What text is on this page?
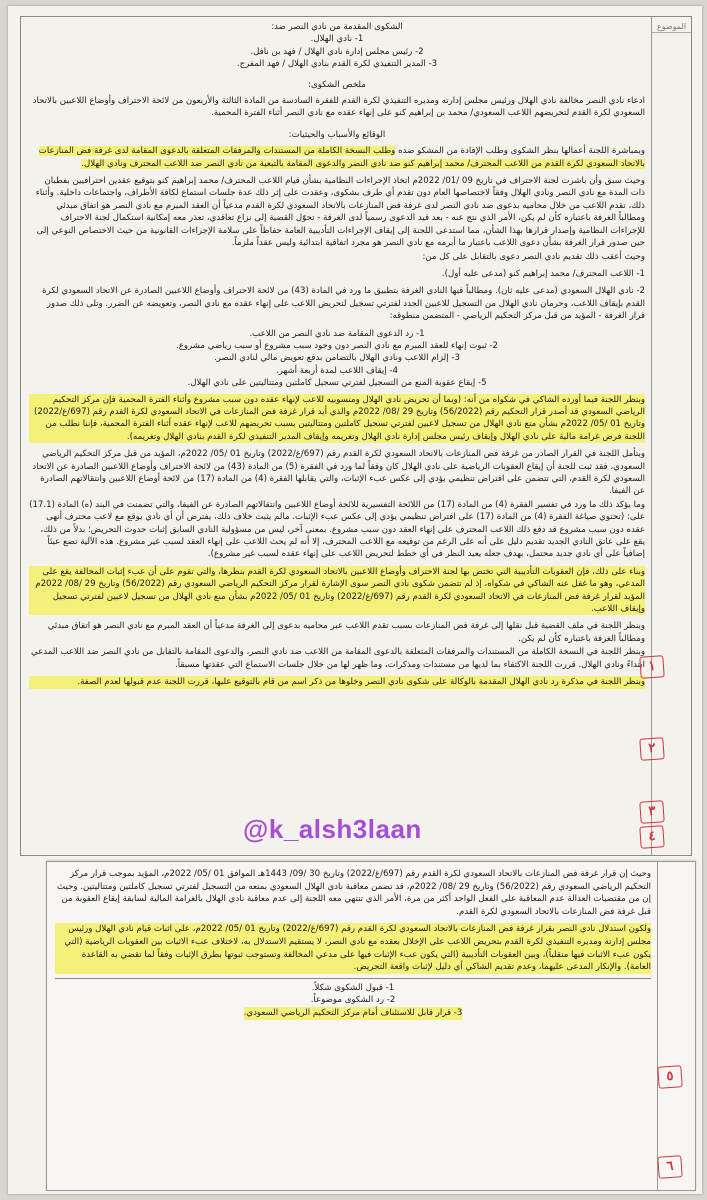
الموضوع
الشكوى المقدمة من نادي النصر ضد:
1- نادي الهلال.
2- رئيس مجلس إدارة نادي الهلال / فهد بن نافل.
3- المدير التنفيذي لكرة القدم بنادي الهلال / فهد المفرج.
ملخص الشكوى:
ادعاء نادي النصر مخالفة نادي الهلال ورئيس مجلس إدارته ومديره التنفيذي لكرة القدم للفقرة السادسة من المادة الثالثة والأربعون من لائحة الاحتراف وأوضاع اللاعبين بالاتحاد السعودي لكرة القدم لتحريضهم اللاعب السعودي/ محمد بن إبراهيم كنو على إنهاء عقده مع نادي النصر أثناء الفترة المحمية.
الوقائع والأسباب والحيثيات:
وبمباشرة اللجنة أعمالها بنظر الشكوى وطلب الإفادة من المشكو ضده وطلب النسخة الكاملة من المستندات والمرفقات المتعلقة بالدعوى المقامة لدى غرفة فض المنازعات بالاتحاد السعودي لكرة القدم من اللاعب المحترف/ محمد إبراهيم كنو ضد نادي النصر والدعوى المقامة بالتبعية من نادي النصر ضد اللاعب المحترف ونادي الهلال.
وحيث سبق وأن باشرت لجنة الاحتراف في تاريخ 09 /01/ 2022م اتخاذ الإجراءات النظامية بشأن قيام اللاعب المحترف/ محمد إبراهيم كنو بتوقيع عقدين احترافيين بفطبان ذات المدة مع نادي النصر ونادي الهلال وفقاً لاختصاصها العام دون تقدم أي طرف بشكوى، وعقدت على إثر ذلك عدة جلسات استماع لكافة الأطراف، واجتماعات داخلية. وأثناء ذلك، تقدم اللاعب من خلال محاميه بدعوى ضد نادي النصر لدى غرفة فض المنازعات بالاتحاد السعودي لكرة القدم مدعياً أن العقد المبرم مع نادي النصر هو اتفاق مبدئي ومطالباً الغرفة باعتباره كأن لم يكن، الأمر الذي نتج عنه - بعد قيد الدعوى رسمياً لدى الغرفة - تحوّل القضية إلى نزاع تعاقدي، تعذر معه إمكانية استكمال لجنة الاحتراف للإجراءات النظامية وإصدار قرارها بهذا الشأن، مما استدعى اللجنة إلى إيقاف الإجراءات التأديبية العامة حفاظاً على سلامة الإجراءات القانونية من حيث الاختصاص النوعي إلى حين صدور قرار الغرفة بشأن دعوى اللاعب باعتبار ما أبرمه مع نادي النصر هو مجرد اتفاقية ابتدائية وليس عقداً ملزماً.
وحيث أعقب ذلك تقديم نادي النصر دعوى بالتقابل على كل من:
1- اللاعب المحترف/ محمد إبراهيم كنو (مدعى عليه أول).
2- نادي الهلال السعودي (مدعى عليه ثان). ومطالباً فيها النادي الغرفة بتطبيق ما ورد في المادة (43) من لائحة الاحتراف وأوضاع اللاعبين الصادرة عن الاتحاد السعودي لكرة القدم بإيقاف اللاعب، وحرمان نادي الهلال من التسجيل للاعبين الجدد لفترتي تسجيل لتحريض اللاعب على إنهاء عقده مع نادي النصر، وتعويضه عن الضرر. وتلى ذلك صدور قرار الغرفة - المؤيد من قبل مركز التحكيم الرياضي - المتضمن منطوقه:
1- رد الدعوى المقامة ضد نادي النصر من اللاعب.
2- ثبوت إنهاء للعقد المبرم مع نادي النصر دون وجود سبب مشروع أو سبب رياضي مشروع.
3- إلزام اللاعب ونادي الهلال بالتضامن بدفع تعويض مالي لنادي النصر.
4- إيقاف اللاعب لمدة أربعة أشهر.
5- إيقاع عقوبة المنع من التسجيل لفترتي تسجيل كاملتين ومتتاليتين على نادي الهلال.
وبنظر اللجنة فيما أورده الشاكي في شكواه من أنه: (وبما أن تحريض نادي الهلال ومنسوبيه للاعب لإنهاء عقده دون سبب مشروع وأثناء الفترة المحمية فإن مركز التحكيم الرياضي السعودي قد أصدر قرار التحكيم رقم (56/2022) وتاريخ 29 /08/ 2022م والذي أيد قرار غرفة فض المنازعات في الاتحاد السعودي لكرة القدم رقم (697/غ/2022) وتاريخ 01 /05/ 2022م بشأن منع نادي الهلال من تسجيل لاعبين لفترتي تسجيل كاملتين ومتتاليتين بسبب تحريضهم للاعب لإنهاء عقده أثناء الفترة المحمية، فإننا نطلب من اللجنة فرض غرامة مالية على نادي الهلال وإيقاف رئيس مجلس إدارة نادي الهلال وتغريمه وإيقاف المدير التنفيذي لكرة القدم بنادي الهلال وتغريمه).
وبتأمل اللجنة في القرار الصادر من غرفة فض المنازعات بالاتحاد السعودي لكرة القدم رقم (697/غ/2022) وتاريخ 01 /05/ 2022م، المؤيد من قبل مركز التحكيم الرياضي السعودي، فقد ثبت للجنة أن إيقاع العقوبات الرياضية على نادي الهلال كان وفقاً لما ورد في الفقرة (5) من المادة (43) من لائحة الاحتراف وأوضاع اللاعبين الصادرة عن الاتحاد السعودي لكرة القدم، التي تتضمن على افتراض تنظيمي يؤدي إلى عكس عبء الإثبات، والتي يقابلها الفقرة (4) من المادة (17) من لائحة أوضاع اللاعبين وانتقالاتهم الصادرة عن الفيفا.
وما يؤكد ذلك ما ورد في تفسير الفقرة (4) من المادة (17) من اللائحة التفسيرية للائحة أوضاع اللاعبين وانتقالاتهم الصادرة عن الفيفا، والتي تضمنت في البند (ه) المادة (17.1) على: (تحتوي صياغة الفقرة (4) من المادة (17) على افتراض تنظيمي يؤدي إلى عكس عبء الإثبات. مالم يثبت خلاف ذلك، يفترض أن أي نادي يوقع مع لاعب محترف أنهى عقده دون سبب مشروع قد دفع ذلك اللاعب المحترف على إنهاء العقد دون سبب مشروع. بمعنى آخر، ليس من مسؤولية النادي السابق إثبات حدوث التحريض؛ بدلاً من ذلك، يقع على عاتق النادي الجديد تقديم دليل على أنه على الرغم من توقيعه مع اللاعب المحترف، إلا أنه لم يحث اللاعب على إنهاء العقد لسبب غير مشروع. هذه الآلية تضع عبئاً إضافياً على أي نادي جديد محتمل، بهدف جعله يعيد النظر في أي خطط لتحريض اللاعب على إنهاء عقده لسبب غير مشروع).
وبناء على ذلك، فإن العقوبات التأديبية التي تختص بها لجنة الاحتراف وأوضاع اللاعبين بالاتحاد السعودي لكرة القدم بنظرها، والتي تقوم على أن عبء إثبات المخالفة يقع على المدعي، وهو ما غفل عنه الشاكي في شكواه، إذ لم تتضمن شكوى نادي النصر سوى الإشارة لقرار مركز التحكيم الرياضي السعودي رقم (56/2022) وتاريخ 29 /08/ 2022م المؤيد لقرار غرفة فض المنازعات في الاتحاد السعودي لكرة القدم رقم (697/غ/2022) وتاريخ 01 /05/ 2022م بشأن منع نادي الهلال من تسجيل لاعبين لفترتي تسجيل وإيقاف اللاعب.
وبنظر اللجنة في ملف القضية قبل نقلها إلى غرفة فض المنازعات بسبب تقدم اللاعب عبر محاميه بدعوى إلى الغرفة مدعياً أن العقد المبرم مع نادي النصر هو اتفاق مبدئي ومطالباً الغرفة باعتباره كأن لم يكن.
وبنظر اللجنة في النسخة الكاملة من المستندات والمرفقات المتعلقة بالدعوى المقامة من اللاعب ضد نادي النصر، والدعوى المقامة بالتقابل من نادي النصر ضد اللاعب المدعي ابتداءً ونادي الهلال. قررت اللجنة الاكتفاء بما لديها من مستندات ومذكرات، وما ظهر لها من خلال جلسات الاستماع التي عقدتها مسبقاً.
وبنظر اللجنة في مذكرة رد نادي الهلال المقدمة بالوكالة على شكوى نادي النصر وخلوها من ذكر اسم من قام بالتوقيع عليها، قررت اللجنة عدم قبولها لعدم الصفة.
١
٢
٣
٤
@k_alsh3laan
وحيث إن قرار غرفة فض المنازعات بالاتحاد السعودي لكرة القدم رقم (697/غ/2022) وتاريخ 30 /09/ 1443هـ الموافق 01 /05/ 2022م، المؤيد بموجب قرار مركز التحكيم الرياضي السعودي رقم (56/2022) وتاريخ 29 /08/ 2022م، قد تضمن معاقبة نادي الهلال السعودي بمنعه من التسجيل لفترتي تسجيل كاملتين ومتتاليتين. وحيث إن من مقتضيات العدالة عدم المعاقبة على الفعل الواحد أكثر من مرة، الأمر الذي تنتهي معه اللجنة إلى عدم معاقبة نادي الهلال بالغرامة المالية لسابقة إيقاع العقوبة من قبل غرفة فض المنازعات بالاتحاد السعودي لكرة القدم.
ولكون استدلال نادي النصر بقرار غرفة فض المنازعات بالاتحاد السعودي لكرة القدم رقم (697/غ/2022) وتاريخ 01 /05/ 2022م، على اثبات قيام نادي الهلال ورئيس مجلس إدارته ومديره التنفيذي لكرة القدم بتحريض اللاعب على الإخلال بعقده مع نادي النصر، لا يستقيم الاستدلال به، لاختلاف عبء الاثبات بين العقوبات الرياضية (التي يكون عبء الاثبات فيها منقلباً)، وبين العقوبات التأديبية (التي يكون عبء الإثبات فيها على مدعي المخالفة وتستوجب ثبوتها بطرق الإثبات وفقاً لما تقضي به القاعدة العامة). والإنكار المدعى عليهما، وعدم تقديم الشاكي أي دليل لإثبات واقعة التحريض.
1- قبول الشكوى شكلاً.
2- رد الشكوى موضوعاً.
3- قرار قابل للاستئناف أمام مركز التحكيم الرياضي السعودي.
٥
٦
